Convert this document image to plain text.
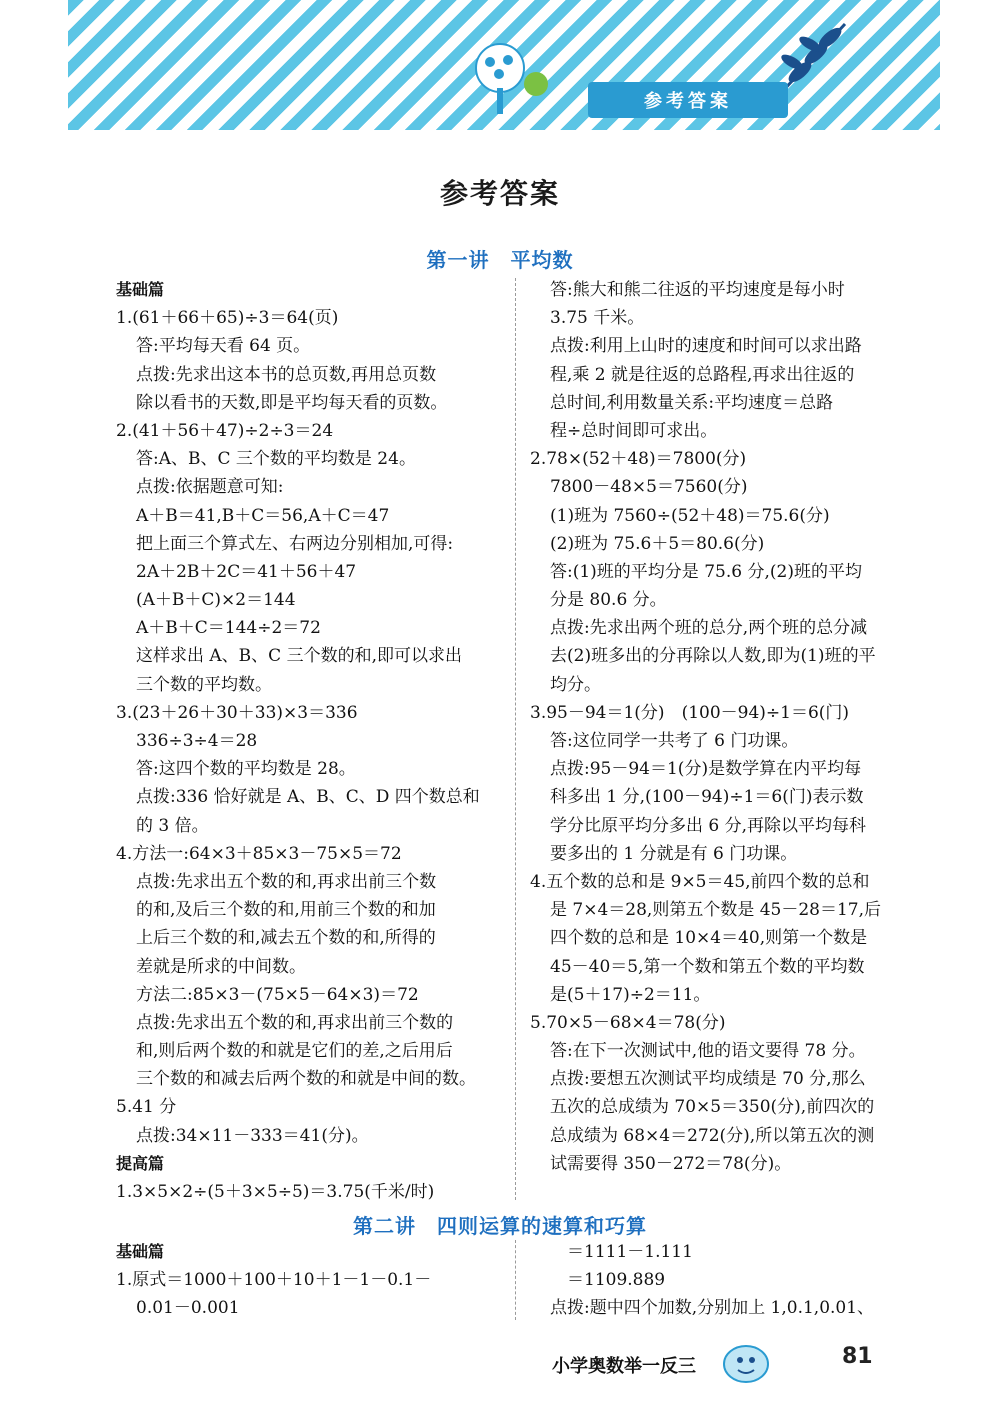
参考答案
参考答案
第一讲　平均数
基础篇
1.(61＋66＋65)÷3＝64(页)
答:平均每天看 64 页。
点拨:先求出这本书的总页数,再用总页数
除以看书的天数,即是平均每天看的页数。
2.(41＋56＋47)÷2÷3＝24
答:A、B、C 三个数的平均数是 24。
点拨:依据题意可知:
A＋B＝41,B＋C＝56,A＋C＝47
把上面三个算式左、右两边分别相加,可得:
2A＋2B＋2C＝41＋56＋47
(A＋B＋C)×2＝144
A＋B＋C＝144÷2＝72
这样求出 A、B、C 三个数的和,即可以求出
三个数的平均数。
3.(23＋26＋30＋33)×3＝336
336÷3÷4＝28
答:这四个数的平均数是 28。
点拨:336 恰好就是 A、B、C、D 四个数总和
的 3 倍。
4.方法一:64×3＋85×3－75×5＝72
点拨:先求出五个数的和,再求出前三个数
的和,及后三个数的和,用前三个数的和加
上后三个数的和,减去五个数的和,所得的
差就是所求的中间数。
方法二:85×3－(75×5－64×3)＝72
点拨:先求出五个数的和,再求出前三个数的
和,则后两个数的和就是它们的差,之后用后
三个数的和减去后两个数的和就是中间的数。
5.41 分
点拨:34×11－333＝41(分)。
提高篇
1.3×5×2÷(5＋3×5÷5)＝3.75(千米/时)
答:熊大和熊二往返的平均速度是每小时
3.75 千米。
点拨:利用上山时的速度和时间可以求出路
程,乘 2 就是往返的总路程,再求出往返的
总时间,利用数量关系:平均速度＝总路
程÷总时间即可求出。
2.78×(52＋48)＝7800(分)
7800－48×5＝7560(分)
(1)班为 7560÷(52＋48)＝75.6(分)
(2)班为 75.6＋5＝80.6(分)
答:(1)班的平均分是 75.6 分,(2)班的平均
分是 80.6 分。
点拨:先求出两个班的总分,两个班的总分减
去(2)班多出的分再除以人数,即为(1)班的平
均分。
3.95－94＝1(分)　(100－94)÷1＝6(门)
答:这位同学一共考了 6 门功课。
点拨:95－94＝1(分)是数学算在内平均每
科多出 1 分,(100－94)÷1＝6(门)表示数
学分比原平均分多出 6 分,再除以平均每科
要多出的 1 分就是有 6 门功课。
4.五个数的总和是 9×5＝45,前四个数的总和
是 7×4＝28,则第五个数是 45－28＝17,后
四个数的总和是 10×4＝40,则第一个数是
45－40＝5,第一个数和第五个数的平均数
是(5＋17)÷2＝11。
5.70×5－68×4＝78(分)
答:在下一次测试中,他的语文要得 78 分。
点拨:要想五次测试平均成绩是 70 分,那么
五次的总成绩为 70×5＝350(分),前四次的
总成绩为 68×4＝272(分),所以第五次的测
试需要得 350－272＝78(分)。
第二讲　四则运算的速算和巧算
基础篇
1.原式＝1000＋100＋10＋1－1－0.1－
0.01－0.001
　＝1111－1.111
　＝1109.889
点拨:题中四个加数,分别加上 1,0.1,0.01、
小学奥数举一反三	81
